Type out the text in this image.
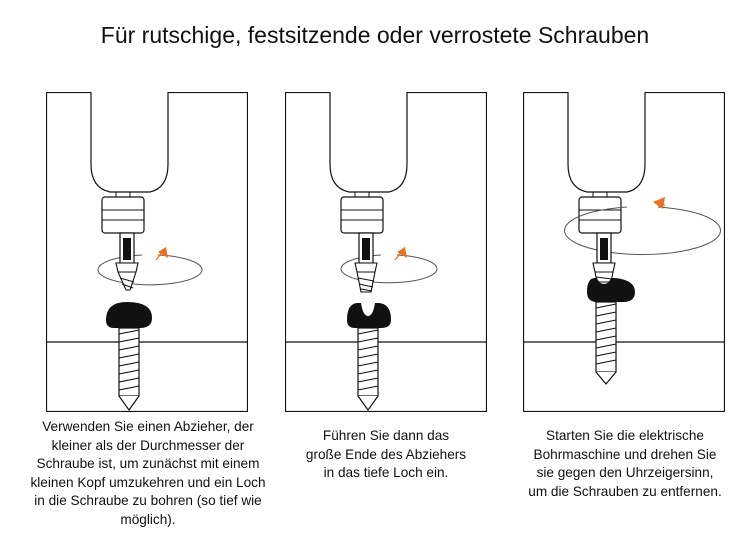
Für rutschige, festsitzende oder verrostete Schrauben
Verwenden Sie einen Abzieher, der
kleiner als der Durchmesser der
Schraube ist, um zunächst mit einem
kleinen Kopf umzukehren und ein Loch
in die Schraube zu bohren (so tief wie
möglich).
Führen Sie dann das
große Ende des Abziehers
in das tiefe Loch ein.
Starten Sie die elektrische
Bohrmaschine und drehen Sie
sie gegen den Uhrzeigersinn,
um die Schrauben zu entfernen.
